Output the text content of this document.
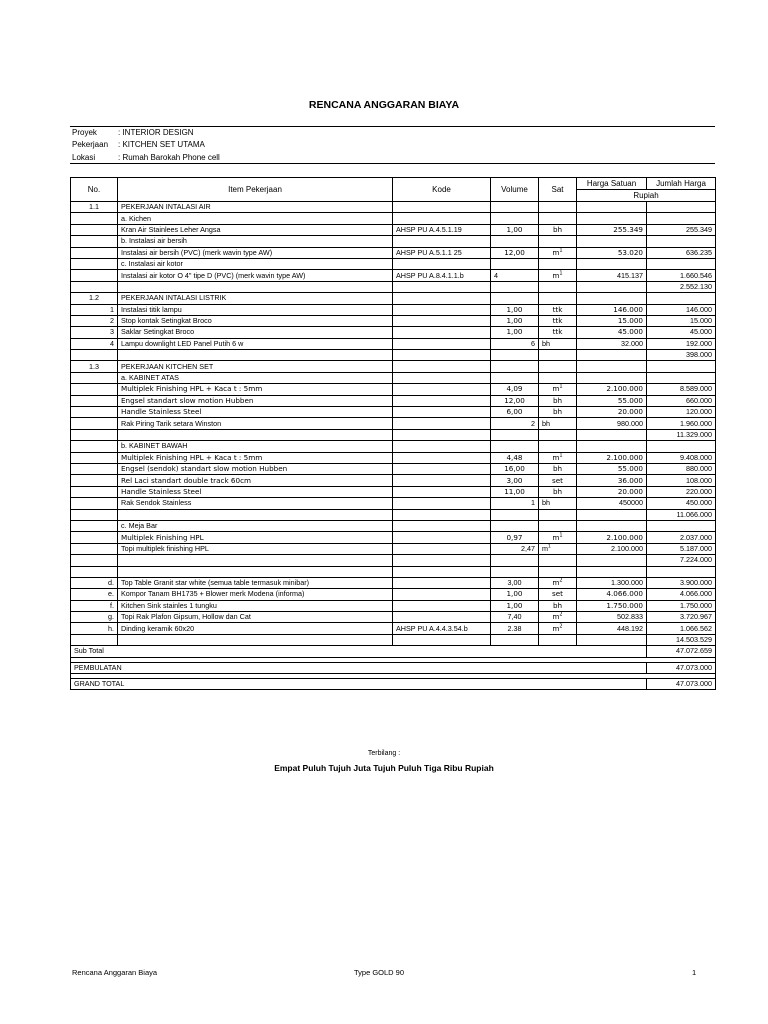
RENCANA ANGGARAN BIAYA
Proyek	: INTERIOR DESIGN
Pekerjaan : KITCHEN SET UTAMA
Lokasi	: Rumah Barokah Phone cell
No.	Item Pekerjaan	Kode	Volume	Sat	Harga Satuan	Jumlah Harga
					Rupiah	
1.1	PEKERJAAN INTALASI AIR					
	a. Kichen					
	Kran Air Stainlees Leher Angsa	AHSP PU A.4.5.1.19	1,00	bh	255.349	255.349
	b. Instalasi air bersih					
	Instalasi air bersih (PVC) (merk wavin type AW)	AHSP PU A.5.1.1 25	12,00	$m^1$	53.020	636.235
	c. Instalasi air kotor					
	Instalasi air kotor O 4" tipe D (PVC) (merk wavin type AW)	AHSP PU A.8.4.1.1.b	4	$m^1$	415.137	1.660.546
						2.552.130
1.2	PEKERJAAN INTALASI LISTRIK					
1	Instalasi titik lampu		1,00	ttk	146.000	146.000
2	Stop kontak Setingkat Broco		1,00	ttk	15.000	15.000
3	Saklar Setingkat Broco		1,00	ttk	45.000	45.000
4	Lampu downlight LED Panel Putih 6 w		6	bh	32.000	192.000
						398.000
1.3	PEKERJAAN KITCHEN SET					
	a. KABINET ATAS					
	Multiplek Finishing HPL + Kaca t : 5mm		4,09	$m^1$	2.100.000	8.589.000
	Engsel standart slow motion Hubben		12,00	bh	55.000	660.000
	Handle Stainless Steel		6,00	bh	20.000	120.000
	Rak Piring Tarik setara Winston		2	bh	980.000	1.960.000
						11.329.000
	b. KABINET BAWAH					
	Multiplek Finishing HPL + Kaca t : 5mm		4,48	$m^1$	2.100.000	9.408.000
	Engsel (sendok) standart slow motion Hubben		16,00	bh	55.000	880.000
	Rel Laci standart double track 60cm		3,00	set	36.000	108.000
	Handle Stainless Steel		11,00	bh	20.000	220.000
	Rak Sendok Stainless		1	bh	450000	450.000
						11.066.000
	c. Meja Bar					
	Multiplek Finishing HPL		0,97	$m^1$	2.100.000	2.037.000
	Topi multiplek finishing HPL		2,47	$m^1$	2.100.000	5.187.000
						7.224.000

d.	Top Table Granit star white (semua table termasuk minibar)		3,00	$m^2$	1.300.000	3.900.000
e.	Kompor Tanam BH1735 + Blower merk Modena (informa)		1,00	set	4.066.000	4.066.000
f.	Kitchen Sink stainles 1 tungku		1,00	bh	1.750.000	1.750.000
g.	Topi Rak Plafon Gipsum, Hollow dan Cat		7,40	$m^2$	502.833	3.720.967
h.	Dinding keramik 60x20	AHSP PU A.4.4.3.54.b	2.38	$m^2$	448.192	1.066.562
						14.503.529
Sub Total						47.072.659

PEMBULATAN						47.073.000

GRAND TOTAL						47.073.000
Terbilang :
Empat Puluh Tujuh Juta Tujuh Puluh Tiga Ribu Rupiah
Rencana Anggaran Biaya	Type GOLD 90	1
